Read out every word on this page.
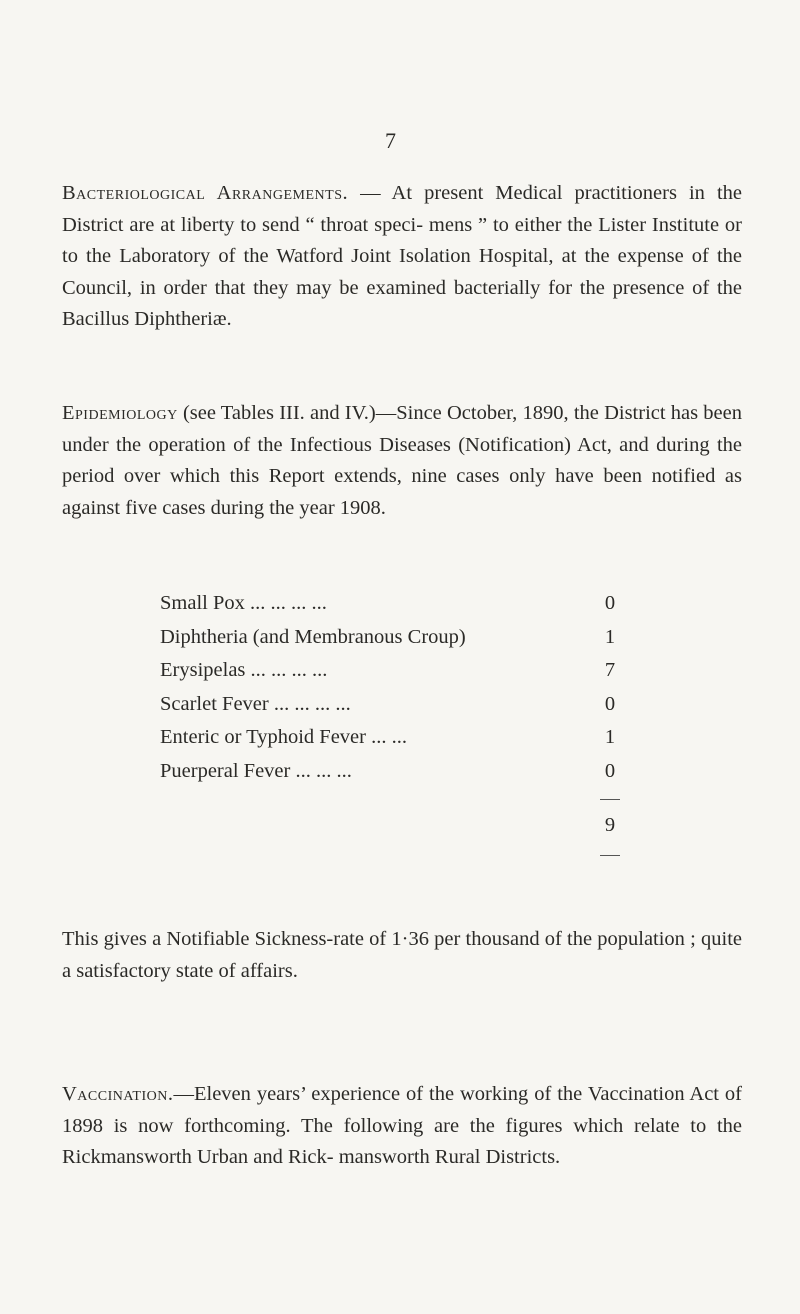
7

Bacteriological Arrangements. — At present Medical practitioners in the District are at liberty to send “ throat speci- mens ” to either the Lister Institute or to the Laboratory of the Watford Joint Isolation Hospital, at the expense of the Council, in order that they may be examined bacterially for the presence of the Bacillus Diphtheriæ.

Epidemiology (see Tables III. and IV.)—Since October, 1890, the District has been under the operation of the Infectious Diseases (Notification) Act, and during the period over which this Report extends, nine cases only have been notified as against five cases during the year 1908.

Small Pox ... ... ... ...	0
Diphtheria (and Membranous Croup)	1
Erysipelas ... ... ... ...	7
Scarlet Fever ... ... ... ...	0
Enteric or Typhoid Fever ... ...	1
Puerperal Fever ... ... ...	0
9

This gives a Notifiable Sickness-rate of 1·36 per thousand of the population ; quite a satisfactory state of affairs.

Vaccination.—Eleven years’ experience of the working of the Vaccination Act of 1898 is now forthcoming. The following are the figures which relate to the Rickmansworth Urban and Rick- mansworth Rural Districts.
